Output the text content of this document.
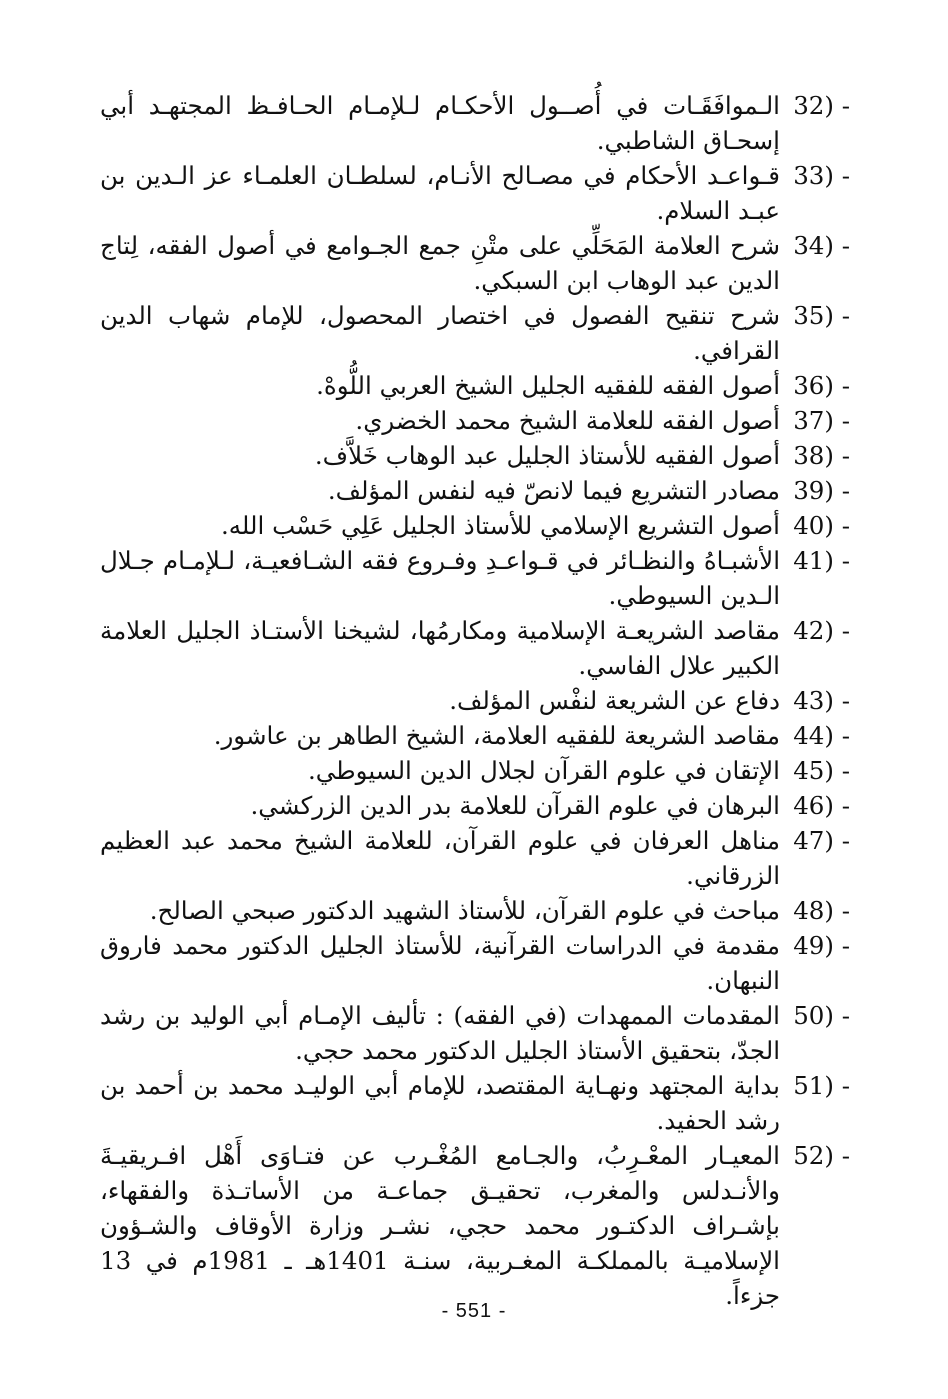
32) -
الـموافَقَـات في أُصــول الأحكـام لـلإمـام الحـافـظ المجتهـد أبي إسحـاق الشاطبي.
33) -
قـواعـد الأحكام في مصـالح الأنـام، لسلطـان العلمـاء عز الـدين بن عبـد السلام.
34) -
شرح العلامة المَحَلِّي على متْنِ جمع الجـوامع في أصول الفقه، لِتاج الدين عبد الوهاب ابن السبكي.
35) -
شرح تنقيح الفصول في اختصار المحصول، للإمام شهاب الدين القرافي.
36) -
أصول الفقه للفقيه الجليل الشيخ العربي اللُّوهْ.
37) -
أصول الفقه للعلامة الشيخ محمد الخضري.
38) -
أصول الفقيه للأستاذ الجليل عبد الوهاب خَلاَّف.
39) -
مصادر التشريع فيما لانصّ فيه لنفس المؤلف.
40) -
أصول التشريع الإسلامي للأستاذ الجليل عَلِي حَسْب الله.
41) -
الأشبـاهُ والنظـائر في قـواعـدِ وفـروع فقه الشـافعيـة، لـلإمـام جـلال الـدين السيوطي.
42) -
مقاصد الشريعـة الإسلامية ومكارمُها، لشيخنا الأستـاذ الجليل العلامة الكبير علال الفاسي.
43) -
دفاع عن الشريعة لنفْس المؤلف.
44) -
مقاصد الشريعة للفقيه العلامة، الشيخ الطاهر بن عاشور.
45) -
الإتقان في علوم القرآن لجلال الدين السيوطي.
46) -
البرهان في علوم القرآن للعلامة بدر الدين الزركشي.
47) -
مناهل العرفان في علوم القرآن، للعلامة الشيخ محمد عبد العظيم الزرقاني.
48) -
مباحث في علوم القرآن، للأستاذ الشهيد الدكتور صبحي الصالح.
49) -
مقدمة في الدراسات القرآنية، للأستاذ الجليل الدكتور محمد فاروق النبهان.
50) -
المقدمات الممهدات (في الفقه) : تأليف الإمـام أبي الوليد بن رشد الجدّ، بتحقيق الأستاذ الجليل الدكتور محمد حجي.
51) -
بداية المجتهد ونهـاية المقتصد، للإمام أبي الوليـد محمد بن أحمد بن رشد الحفيد.
52) -
المعيـار المعْـرِبُ، والجـامع المُغْـرب عن فتـاوَى أَهْل افـريقيـةَ والأنـدلس والمغرب، تحقيـق جماعـة من الأساتـذة والفقهاء، بإشـراف الدكتـور محمد حجي، نشـر وزارة الأوقاف والشـؤون الإسلاميـة بالمملكـة المغـربية، سنـة 1401هـ ـ 1981م في 13 جزءاً.
- 551 -
